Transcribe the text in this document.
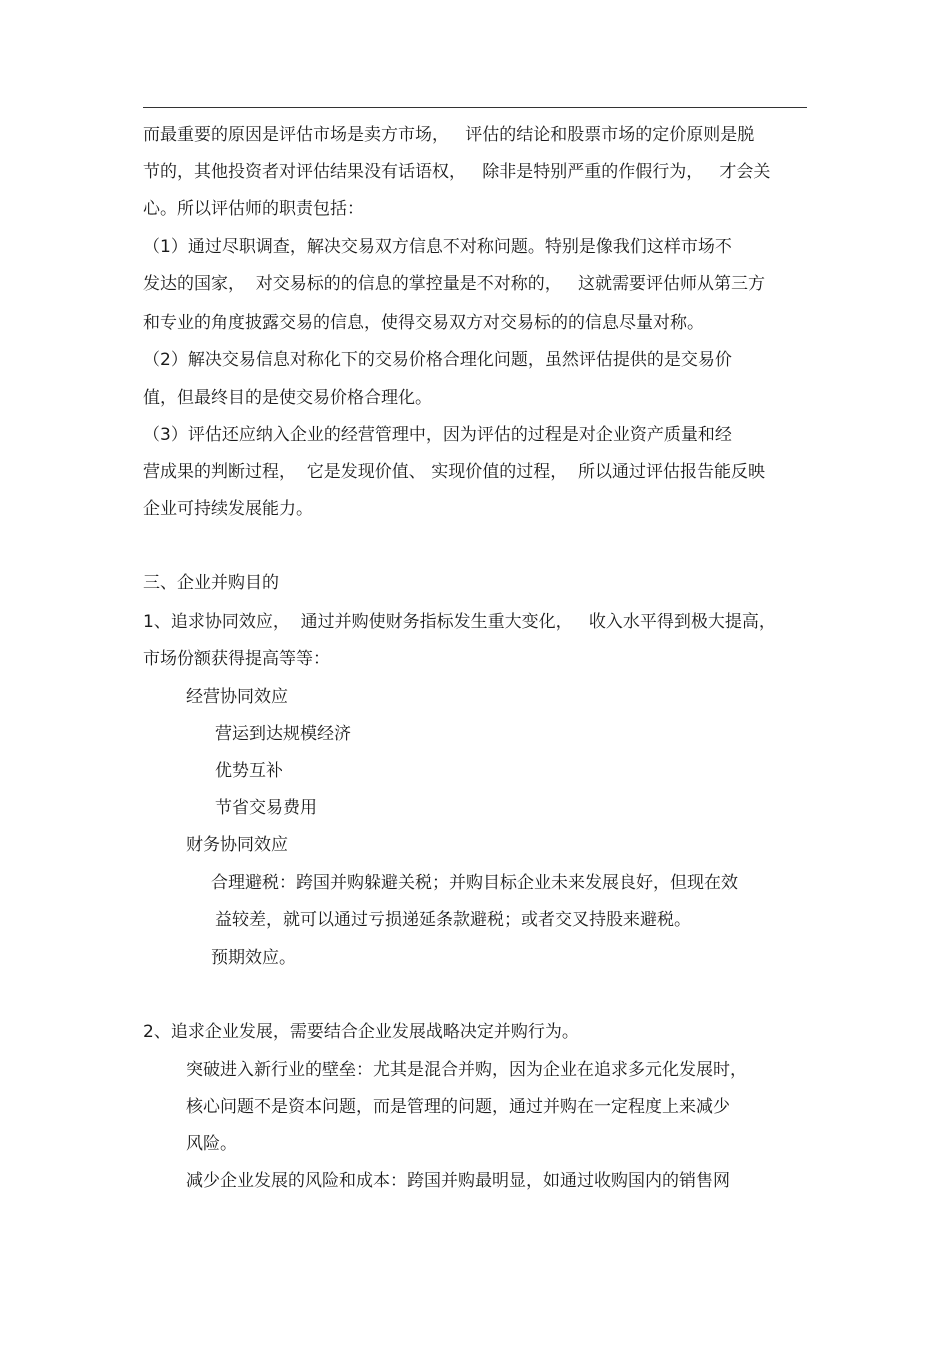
而最重要的原因是评估市场是卖方市场，   评估的结论和股票市场的定价原则是脱
节的，其他投资者对评估结果没有话语权，   除非是特别严重的作假行为，   才会关
心。所以评估师的职责包括：
（1）通过尽职调查，解决交易双方信息不对称问题。特别是像我们这样市场不
发达的国家，  对交易标的的信息的掌控量是不对称的，   这就需要评估师从第三方
和专业的角度披露交易的信息，使得交易双方对交易标的的信息尽量对称。
（2）解决交易信息对称化下的交易价格合理化问题，虽然评估提供的是交易价
值，但最终目的是使交易价格合理化。
（3）评估还应纳入企业的经营管理中，因为评估的过程是对企业资产质量和经
营成果的判断过程，  它是发现价值、 实现价值的过程，  所以通过评估报告能反映
企业可持续发展能力。
三、企业并购目的
1、追求协同效应，  通过并购使财务指标发生重大变化，   收入水平得到极大提高，
市场份额获得提高等等：
经营协同效应
营运到达规模经济
优势互补
节省交易费用
财务协同效应
合理避税：跨国并购躲避关税；并购目标企业未来发展良好，但现在效
益较差，就可以通过亏损递延条款避税；或者交叉持股来避税。
预期效应。
2、追求企业发展，需要结合企业发展战略决定并购行为。
突破进入新行业的壁垒：尤其是混合并购，因为企业在追求多元化发展时，
核心问题不是资本问题，而是管理的问题，通过并购在一定程度上来减少
风险。
减少企业发展的风险和成本：跨国并购最明显，如通过收购国内的销售网
